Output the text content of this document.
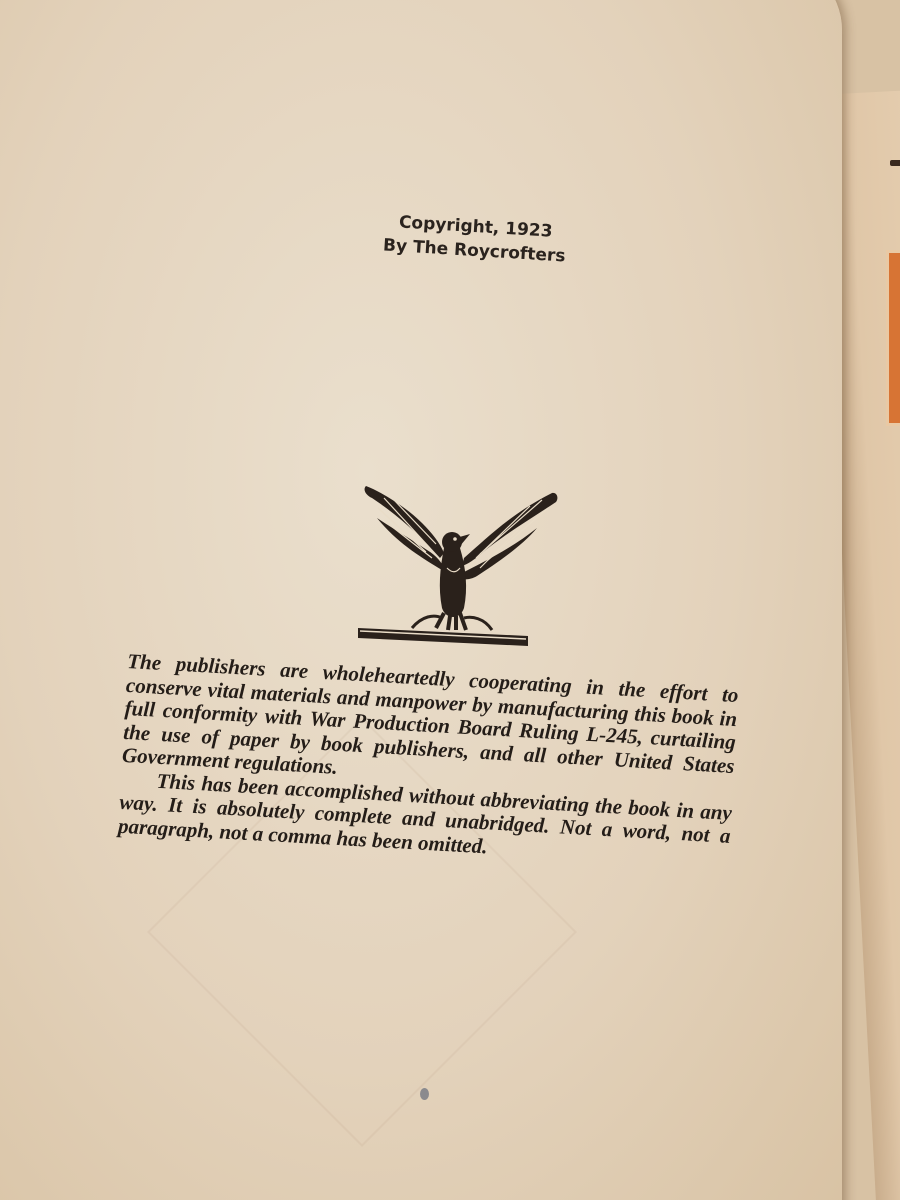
Copyright, 1923
By The Roycrofters

The publishers are wholeheartedly cooperating in the effort to conserve vital materials and manpower by manufacturing this book in full conformity with War Production Board Ruling L-245, curtailing the use of paper by book publishers, and all other United States Government regulations.

This has been accomplished without abbreviating the book in any way. It is absolutely complete and unabridged. Not a word, not a paragraph, not a comma has been omitted.
